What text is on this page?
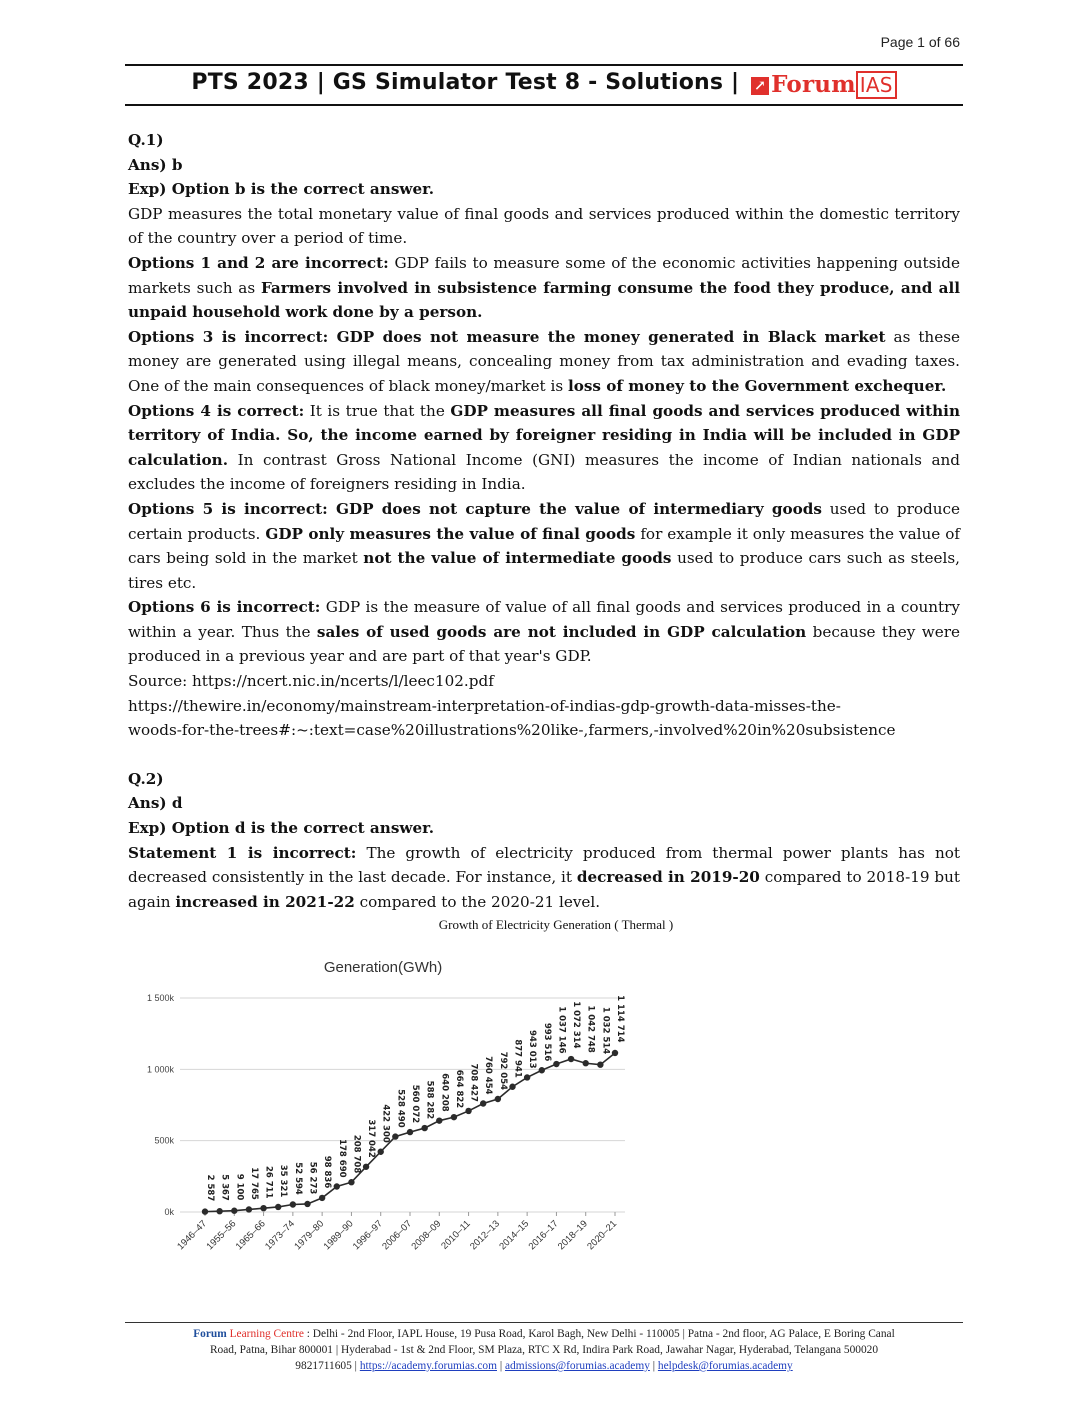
Page 1 of 66
PTS 2023 | GS Simulator Test 8 - Solutions | ↗ Forum IAS

Q.1)

Ans) b

Exp) Option b is the correct answer.

GDP measures the total monetary value of final goods and services produced within the domestic territory of the country over a period of time.

Options 1 and 2 are incorrect: GDP fails to measure some of the economic activities happening outside markets such as Farmers involved in subsistence farming consume the food they produce, and all unpaid household work done by a person.

Options 3 is incorrect: GDP does not measure the money generated in Black market as these money are generated using illegal means, concealing money from tax administration and evading taxes. One of the main consequences of black money/market is loss of money to the Government exchequer.

Options 4 is correct: It is true that the GDP measures all final goods and services produced within territory of India. So, the income earned by foreigner residing in India will be included in GDP calculation. In contrast Gross National Income (GNI) measures the income of Indian nationals and excludes the income of foreigners residing in India.

Options 5 is incorrect: GDP does not capture the value of intermediary goods used to produce certain products. GDP only measures the value of final goods for example it only measures the value of cars being sold in the market not the value of intermediate goods used to produce cars such as steels, tires etc.

Options 6 is incorrect: GDP is the measure of value of all final goods and services produced in a country within a year. Thus the sales of used goods are not included in GDP calculation because they were produced in a previous year and are part of that year's GDP.

Source: https://ncert.nic.in/ncerts/l/leec102.pdf

https://thewire.in/economy/mainstream-interpretation-of-indias-gdp-growth-data-misses-the-

woods-for-the-trees#:~:text=case%20illustrations%20like-,farmers,-involved%20in%20subsistence

Q.2)

Ans) d

Exp) Option d is the correct answer.

Statement 1 is incorrect: The growth of electricity produced from thermal power plants has not decreased consistently in the last decade. For instance, it decreased in 2019-20 compared to 2018-19 but again increased in 2021-22 compared to the 2020-21 level.

Growth of Electricity Generation ( Thermal )
Generation(GWh)
0k
500k
1 000k
1 500k
1946–47
1955–56
1965–66
1973–74
1979–80
1989–90
1996–97
2006–07
2008–09
2010–11
2012–13
2014–15
2016–17
2018–19
2020–21
2 587 5 367 9 100 17 765 26 711 35 321 52 594 56 273 98 836 178 690 208 708 317 042 422 300 528 490 560 072 588 282 640 208 664 822 708 427 760 454 792 054 877 941 943 013 993 516 1 037 146 1 072 314 1 042 748 1 032 514 1 114 714
Forum Learning Centre : Delhi - 2nd Floor, IAPL House, 19 Pusa Road, Karol Bagh, New Delhi - 110005 | Patna - 2nd floor, AG Palace, E Boring Canal
Road, Patna, Bihar 800001 | Hyderabad - 1st & 2nd Floor, SM Plaza, RTC X Rd, Indira Park Road, Jawahar Nagar, Hyderabad, Telangana 500020
9821711605 | https://academy.forumias.com | admissions@forumias.academy | helpdesk@forumias.academy
